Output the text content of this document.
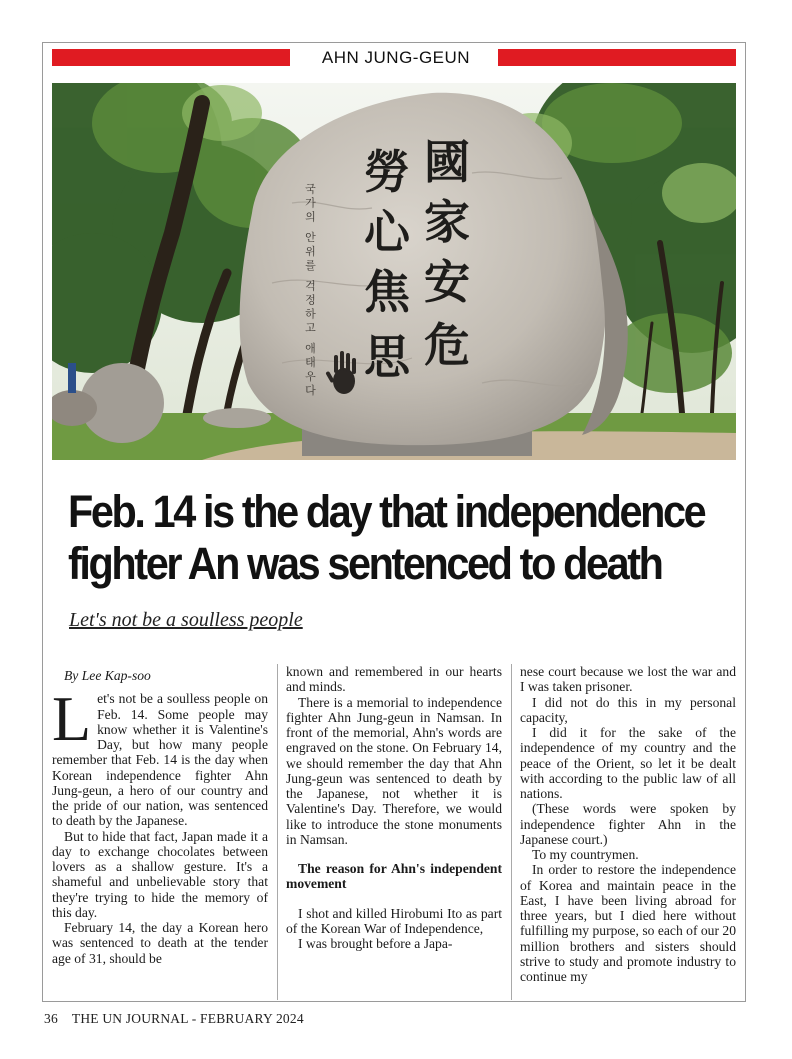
AHN JUNG-GEUN
國
家
安
危
勞
心
焦
思
국가의 안위를 걱정하고 애태우다
Feb. 14 is the day that independence
fighter An was sentenced to death
Let's not be a soulless people
By Lee Kap-soo

Let's not be a soulless people on Feb. 14. Some people may know whether it is Valentine's Day, but how many people remember that Feb. 14 is the day when Korean independence fighter Ahn Jung-geun, a hero of our country and the pride of our nation, was sentenced to death by the Japanese.

But to hide that fact, Japan made it a day to exchange chocolates between lovers as a shallow gesture. It's a shameful and unbelievable story that they're trying to hide the memory of this day.

February 14, the day a Korean hero was sentenced to death at the tender age of 31, should be

known and remembered in our hearts and minds.

There is a memorial to independence fighter Ahn Jung-geun in Namsan. In front of the memorial, Ahn's words are engraved on the stone. On February 14, we should remember the day that Ahn Jung-geun was sentenced to death by the Japanese, not whether it is Valentine's Day. Therefore, we would like to introduce the stone monuments in Namsan.

The reason for Ahn's independent movement

I shot and killed Hirobumi Ito as part of the Korean War of Independence,

I was brought before a Japa-

nese court because we lost the war and I was taken prisoner.

I did not do this in my personal capacity,

I did it for the sake of the independence of my country and the peace of the Orient, so let it be dealt with according to the public law of all nations.

(These words were spoken by independence fighter Ahn in the Japanese court.)

To my countrymen.

In order to restore the independence of Korea and maintain peace in the East, I have been living abroad for three years, but I died here without fulfilling my purpose, so each of our 20 million brothers and sisters should strive to study and promote industry to continue my

36 THE UN JOURNAL - FEBRUARY 2024
